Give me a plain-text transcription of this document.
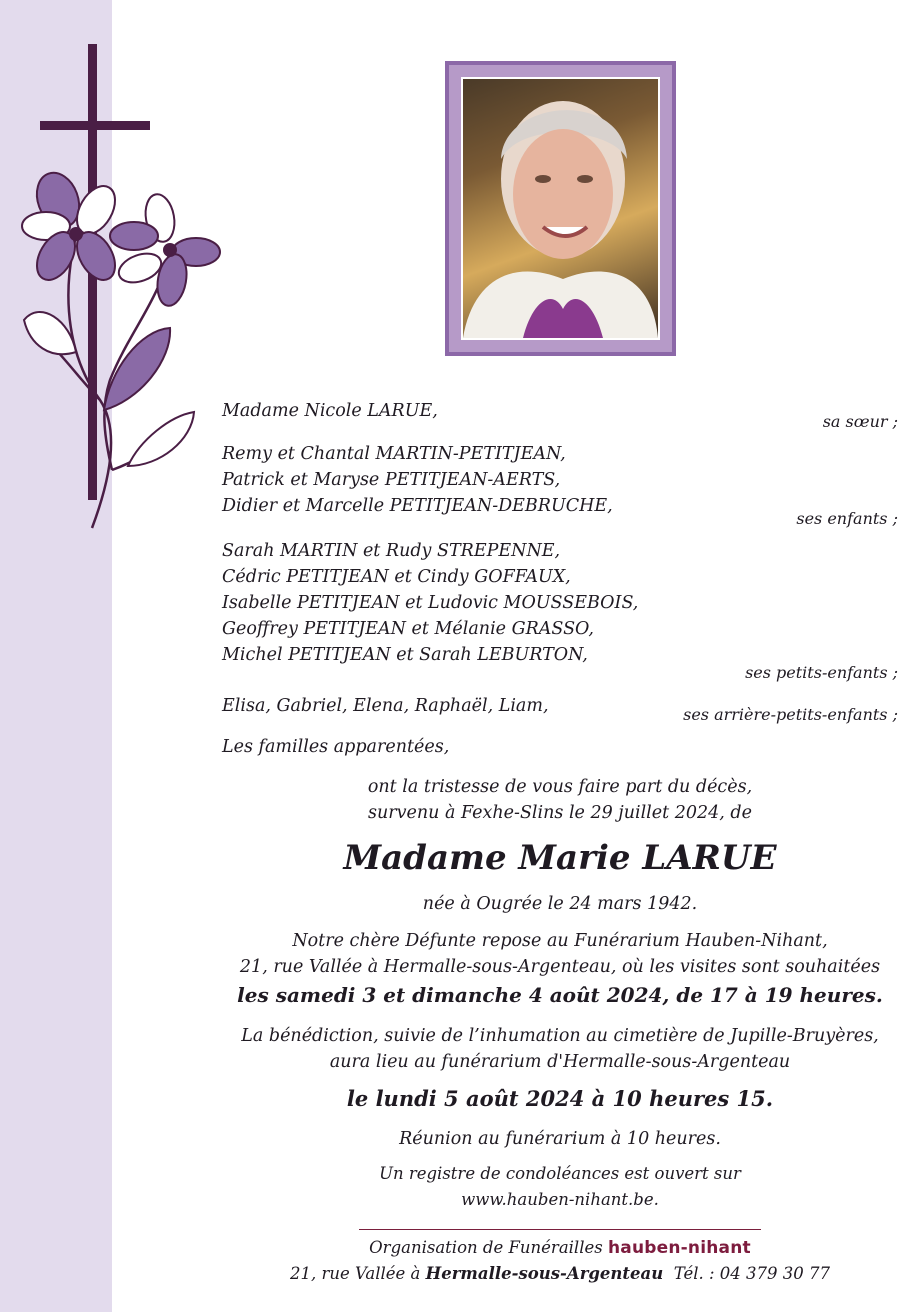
Madame Nicole LARUE,
sa sœur ;
Remy et Chantal MARTIN-PETITJEAN,
Patrick et Maryse PETITJEAN-AERTS,
Didier et Marcelle PETITJEAN-DEBRUCHE,
ses enfants ;
Sarah MARTIN et Rudy STREPENNE,
Cédric PETITJEAN et Cindy GOFFAUX,
Isabelle PETITJEAN et Ludovic MOUSSEBOIS,
Geoffrey PETITJEAN et Mélanie GRASSO,
Michel PETITJEAN et Sarah LEBURTON,
ses petits-enfants ;
Elisa, Gabriel, Elena, Raphaël, Liam,	ses arrière-petits-enfants ;
Les familles apparentées,
ont la tristesse de vous faire part du décès,
survenu à Fexhe-Slins le 29 juillet 2024, de
Madame Marie LARUE
née à Ougrée le 24 mars 1942.
Notre chère Défunte repose au Funérarium Hauben-Nihant,
21, rue Vallée à Hermalle-sous-Argenteau, où les visites sont souhaitées
les samedi 3 et dimanche 4 août 2024, de 17 à 19 heures.
La bénédiction, suivie de l’inhumation au cimetière de Jupille-Bruyères,
aura lieu au funérarium d'Hermalle-sous-Argenteau
le lundi 5 août 2024 à 10 heures 15.
Réunion au funérarium à 10 heures.
Un registre de condoléances est ouvert sur
www.hauben-nihant.be.
Organisation de Funérailles hauben-nihant
21, rue Vallée à Hermalle-sous-Argenteau Tél. : 04 379 30 77
